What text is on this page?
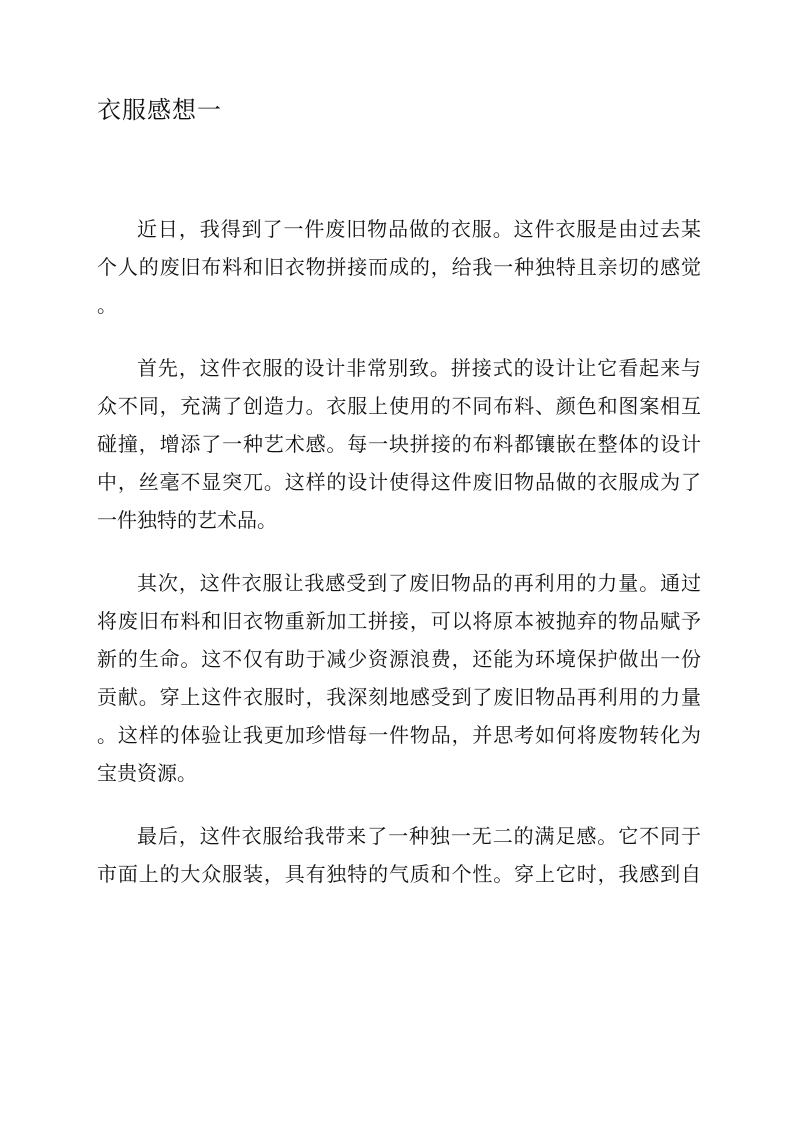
衣服感想一

近日，我得到了一件废旧物品做的衣服。这件衣服是由过去某
个人的废旧布料和旧衣物拼接而成的，给我一种独特且亲切的感觉
。

首先，这件衣服的设计非常别致。拼接式的设计让它看起来与
众不同，充满了创造力。衣服上使用的不同布料、颜色和图案相互
碰撞，增添了一种艺术感。每一块拼接的布料都镶嵌在整体的设计
中，丝毫不显突兀。这样的设计使得这件废旧物品做的衣服成为了
一件独特的艺术品。

其次，这件衣服让我感受到了废旧物品的再利用的力量。通过
将废旧布料和旧衣物重新加工拼接，可以将原本被抛弃的物品赋予
新的生命。这不仅有助于减少资源浪费，还能为环境保护做出一份
贡献。穿上这件衣服时，我深刻地感受到了废旧物品再利用的力量
。这样的体验让我更加珍惜每一件物品，并思考如何将废物转化为
宝贵资源。

最后，这件衣服给我带来了一种独一无二的满足感。它不同于
市面上的大众服装，具有独特的气质和个性。穿上它时，我感到自
